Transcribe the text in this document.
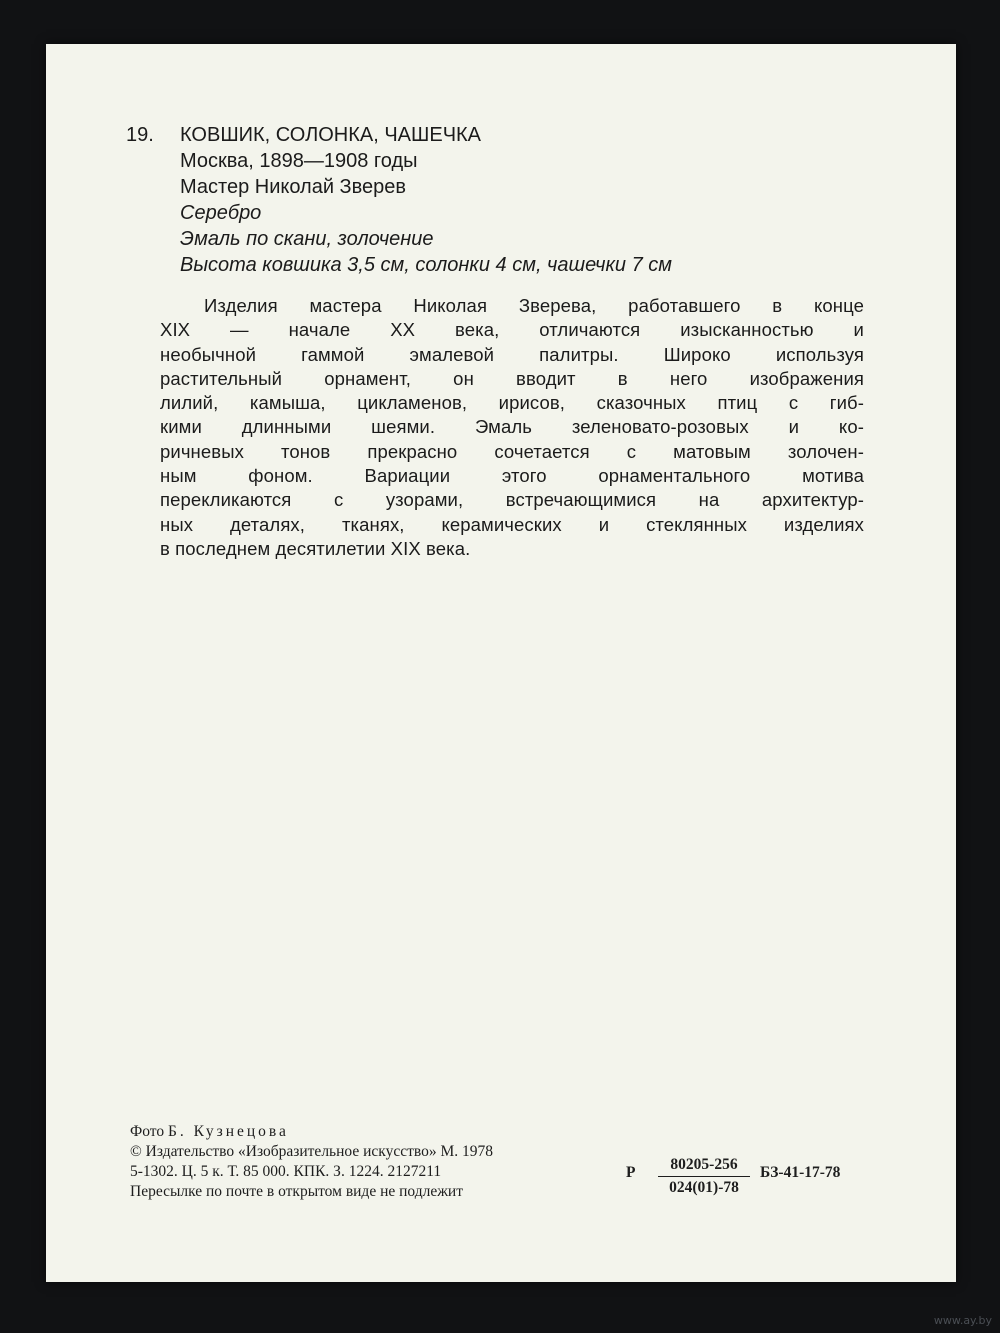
19. КОВШИК, СОЛОНКА, ЧАШЕЧКА
Москва, 1898—1908 годы
Мастер Николай Зверев
Серебро
Эмаль по скани, золочение
Высота ковшика 3,5 см, солонки 4 см, чашечки 7 см
Изделия мастера Николая Зверева, работавшего в конце
XIX — начале XX века, отличаются изысканностью и
необычной гаммой эмалевой палитры. Широко используя
растительный орнамент, он вводит в него изображения
лилий, камыша, цикламенов, ирисов, сказочных птиц с гиб-
кими длинными шеями. Эмаль зеленовато-розовых и ко-
ричневых тонов прекрасно сочетается с матовым золочен-
ным фоном. Вариации этого орнаментального мотива
перекликаются с узорами, встречающимися на архитектур-
ных деталях, тканях, керамических и стеклянных изделиях
в последнем десятилетии XIX века.
Фото Б. Кузнецова
© Издательство «Изобразительное искусство» М. 1978
5-1302. Ц. 5 к. Т. 85 000. КПК. З. 1224. 2127211
Пересылке по почте в открытом виде не подлежит
Р $\frac{80205-256}{024(01)-78} БЗ-41-17-78$
www.ay.by
